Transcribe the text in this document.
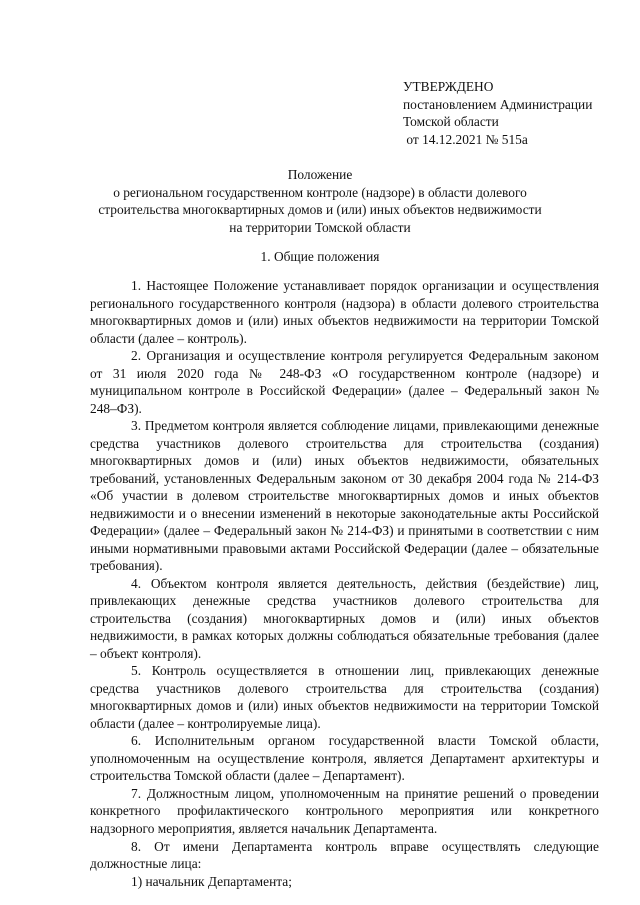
УТВЕРЖДЕНО
постановлением Администрации
Томской области
от 14.12.2021 № 515а
Положение
о региональном государственном контроле (надзоре) в области долевого
строительства многоквартирных домов и (или) иных объектов недвижимости
на территории Томской области
1. Общие положения

1. Настоящее Положение устанавливает порядок организации и осуществления регионального государственного контроля (надзора) в области долевого строительства многоквартирных домов и (или) иных объектов недвижимости на территории Томской области (далее – контроль).

2. Организация и осуществление контроля регулируется Федеральным законом от 31 июля 2020 года № 248-ФЗ «О государственном контроле (надзоре) и муниципальном контроле в Российской Федерации» (далее – Федеральный закон № 248–ФЗ).

3. Предметом контроля является соблюдение лицами, привлекающими денежные средства участников долевого строительства для строительства (создания) многоквартирных домов и (или) иных объектов недвижимости, обязательных требований, установленных Федеральным законом от 30 декабря 2004 года № 214-ФЗ «Об участии в долевом строительстве многоквартирных домов и иных объектов недвижимости и о внесении изменений в некоторые законодательные акты Российской Федерации» (далее – Федеральный закон № 214-ФЗ) и принятыми в соответствии с ним иными нормативными правовыми актами Российской Федерации (далее – обязательные требования).

4. Объектом контроля является деятельность, действия (бездействие) лиц, привлекающих денежные средства участников долевого строительства для строительства (создания) многоквартирных домов и (или) иных объектов недвижимости, в рамках которых должны соблюдаться обязательные требования (далее – объект контроля).

5. Контроль осуществляется в отношении лиц, привлекающих денежные средства участников долевого строительства для строительства (создания) многоквартирных домов и (или) иных объектов недвижимости на территории Томской области (далее – контролируемые лица).

6. Исполнительным органом государственной власти Томской области, уполномоченным на осуществление контроля, является Департамент архитектуры и строительства Томской области (далее – Департамент).

7. Должностным лицом, уполномоченным на принятие решений о проведении конкретного профилактического контрольного мероприятия или конкретного надзорного мероприятия, является начальник Департамента.

8. От имени Департамента контроль вправе осуществлять следующие должностные лица:

1) начальник Департамента;
